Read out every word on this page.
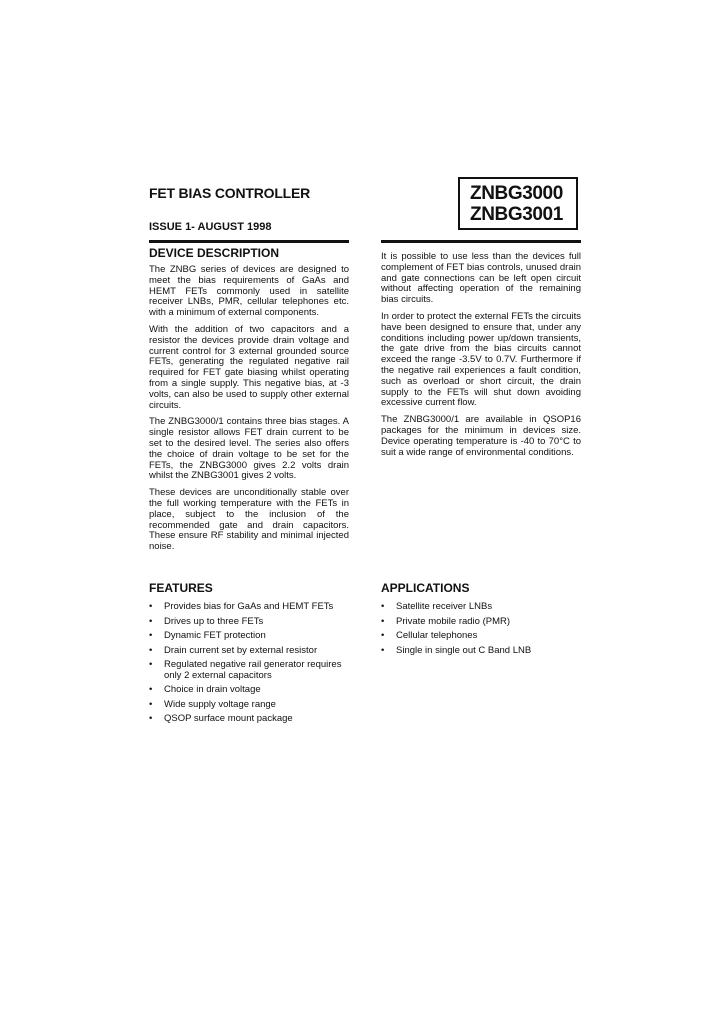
FET BIAS CONTROLLER
ISSUE 1- AUGUST 1998
ZNBG3000
ZNBG3001
DEVICE DESCRIPTION

The ZNBG series of devices are designed to meet the bias requirements of GaAs and HEMT FETs commonly used in satellite receiver LNBs, PMR, cellular telephones etc. with a minimum of external components.

With the addition of two capacitors and a resistor the devices provide drain voltage and current control for 3 external grounded source FETs, generating the regulated negative rail required for FET gate biasing whilst operating from a single supply. This negative bias, at -3 volts, can also be used to supply other external circuits.

The ZNBG3000/1 contains three bias stages. A single resistor allows FET drain current to be set to the desired level. The series also offers the choice of drain voltage to be set for the FETs, the ZNBG3000 gives 2.2 volts drain whilst the ZNBG3001 gives 2 volts.

These devices are unconditionally stable over the full working temperature with the FETs in place, subject to the inclusion of the recommended gate and drain capacitors. These ensure RF stability and minimal injected noise.

It is possible to use less than the devices full complement of FET bias controls, unused drain and gate connections can be left open circuit without affecting operation of the remaining bias circuits.

In order to protect the external FETs the circuits have been designed to ensure that, under any conditions including power up/down transients, the gate drive from the bias circuits cannot exceed the range -3.5V to 0.7V. Furthermore if the negative rail experiences a fault condition, such as overload or short circuit, the drain supply to the FETs will shut down avoiding excessive current flow.

The ZNBG3000/1 are available in QSOP16 packages for the minimum in devices size. Device operating temperature is -40 to 70°C to suit a wide range of environmental conditions.

FEATURES
• Provides bias for GaAs and HEMT FETs
• Drives up to three FETs
• Dynamic FET protection
• Drain current set by external resistor
• Regulated negative rail generator requires only 2 external capacitors
• Choice in drain voltage
• Wide supply voltage range
• QSOP surface mount package
APPLICATIONS
• Satellite receiver LNBs
• Private mobile radio (PMR)
• Cellular telephones
• Single in single out C Band LNB
